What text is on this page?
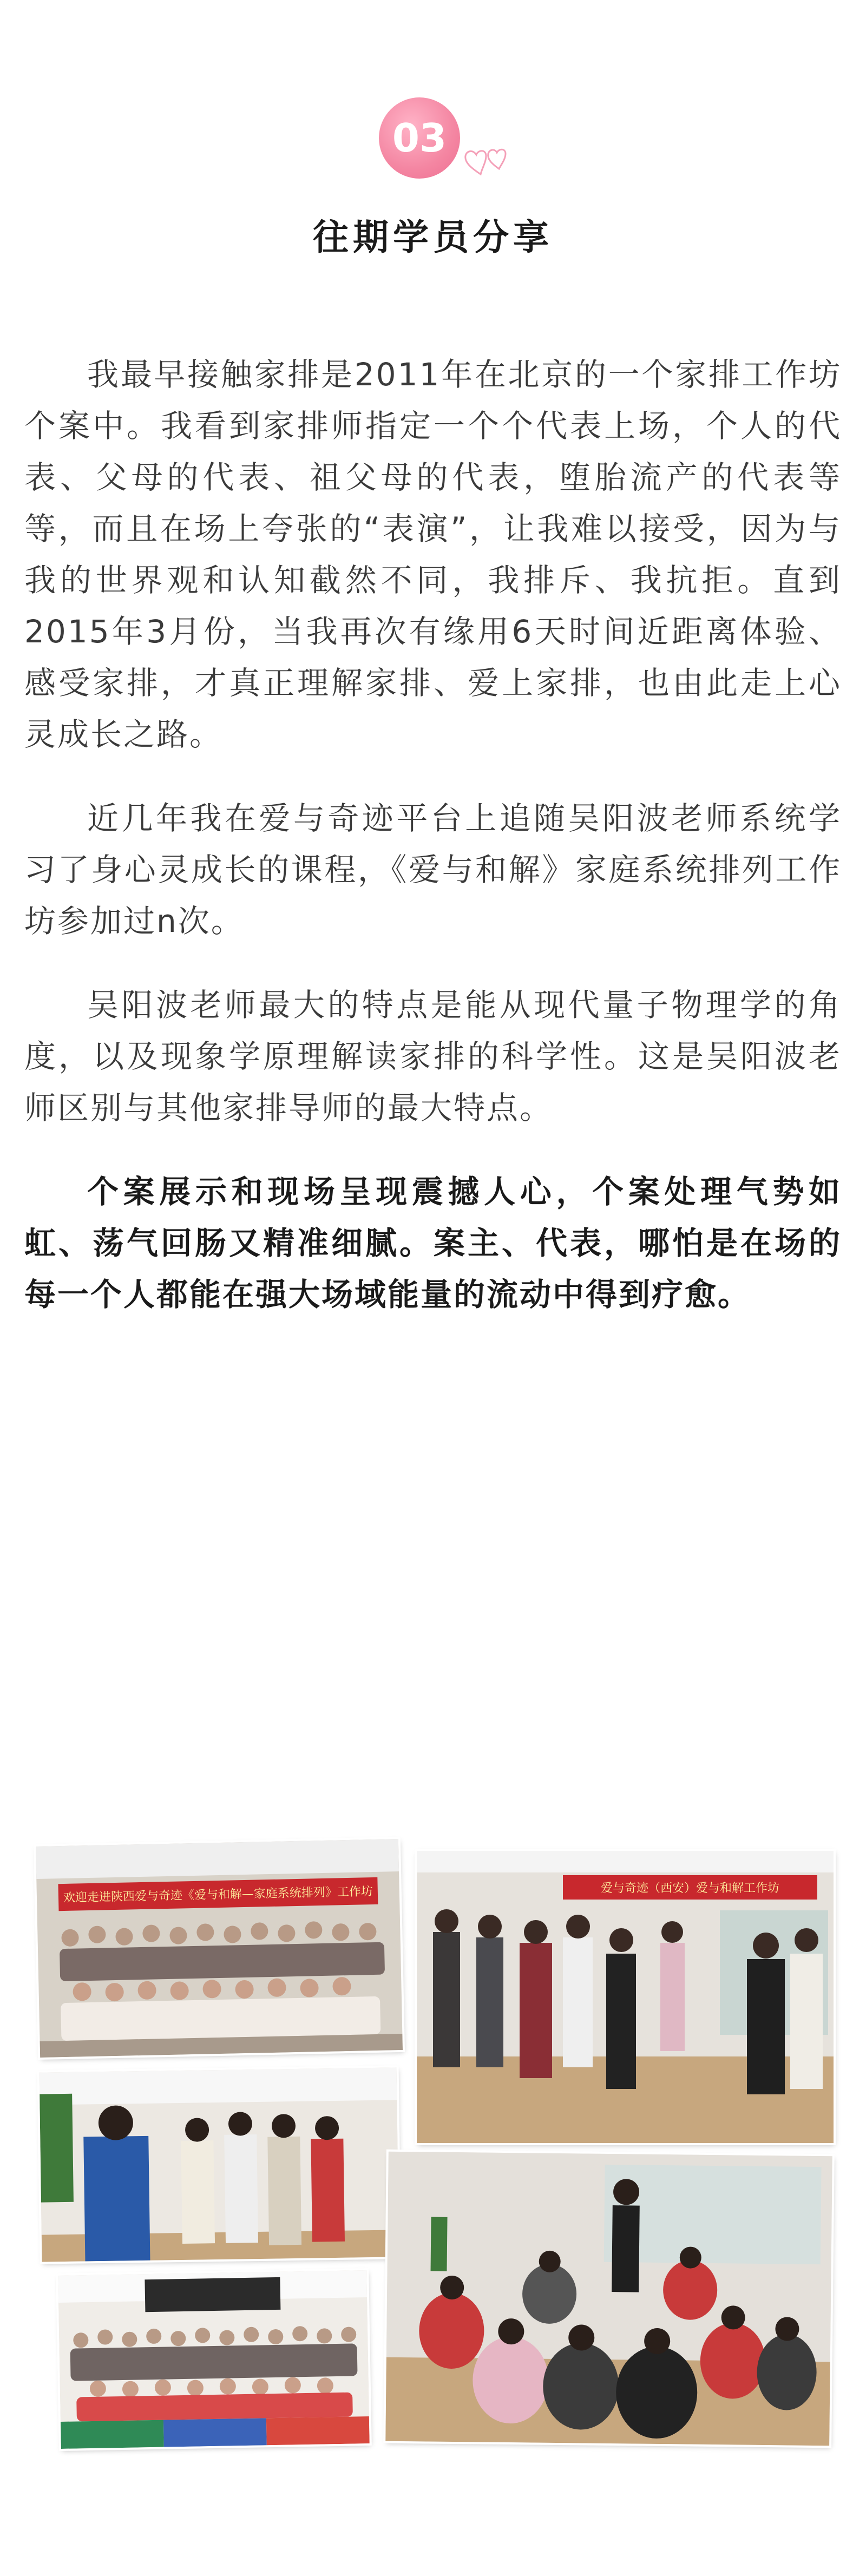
03
往期学员分享

我最早接触家排是2011年在北京的一个家排工作坊个案中。我看到家排师指定一个个代表上场，个人的代表、父母的代表、祖父母的代表，堕胎流产的代表等等，而且在场上夸张的“表演”，让我难以接受，因为与我的世界观和认知截然不同，我排斥、我抗拒。直到2015年3月份，当我再次有缘用6天时间近距离体验、感受家排，才真正理解家排、爱上家排，也由此走上心灵成长之路。

近几年我在爱与奇迹平台上追随吴阳波老师系统学习了身心灵成长的课程，《爱与和解》家庭系统排列工作坊参加过n次。

吴阳波老师最大的特点是能从现代量子物理学的角度，以及现象学原理解读家排的科学性。这是吴阳波老师区别与其他家排导师的最大特点。

个案展示和现场呈现震撼人心，个案处理气势如虹、荡气回肠又精准细腻。案主、代表，哪怕是在场的每一个人都能在强大场域能量的流动中得到疗愈。

欢迎走进陕西爱与奇迹《爱与和解—家庭系统排列》工作坊	爱与奇迹（西安）爱与和解工作坊
